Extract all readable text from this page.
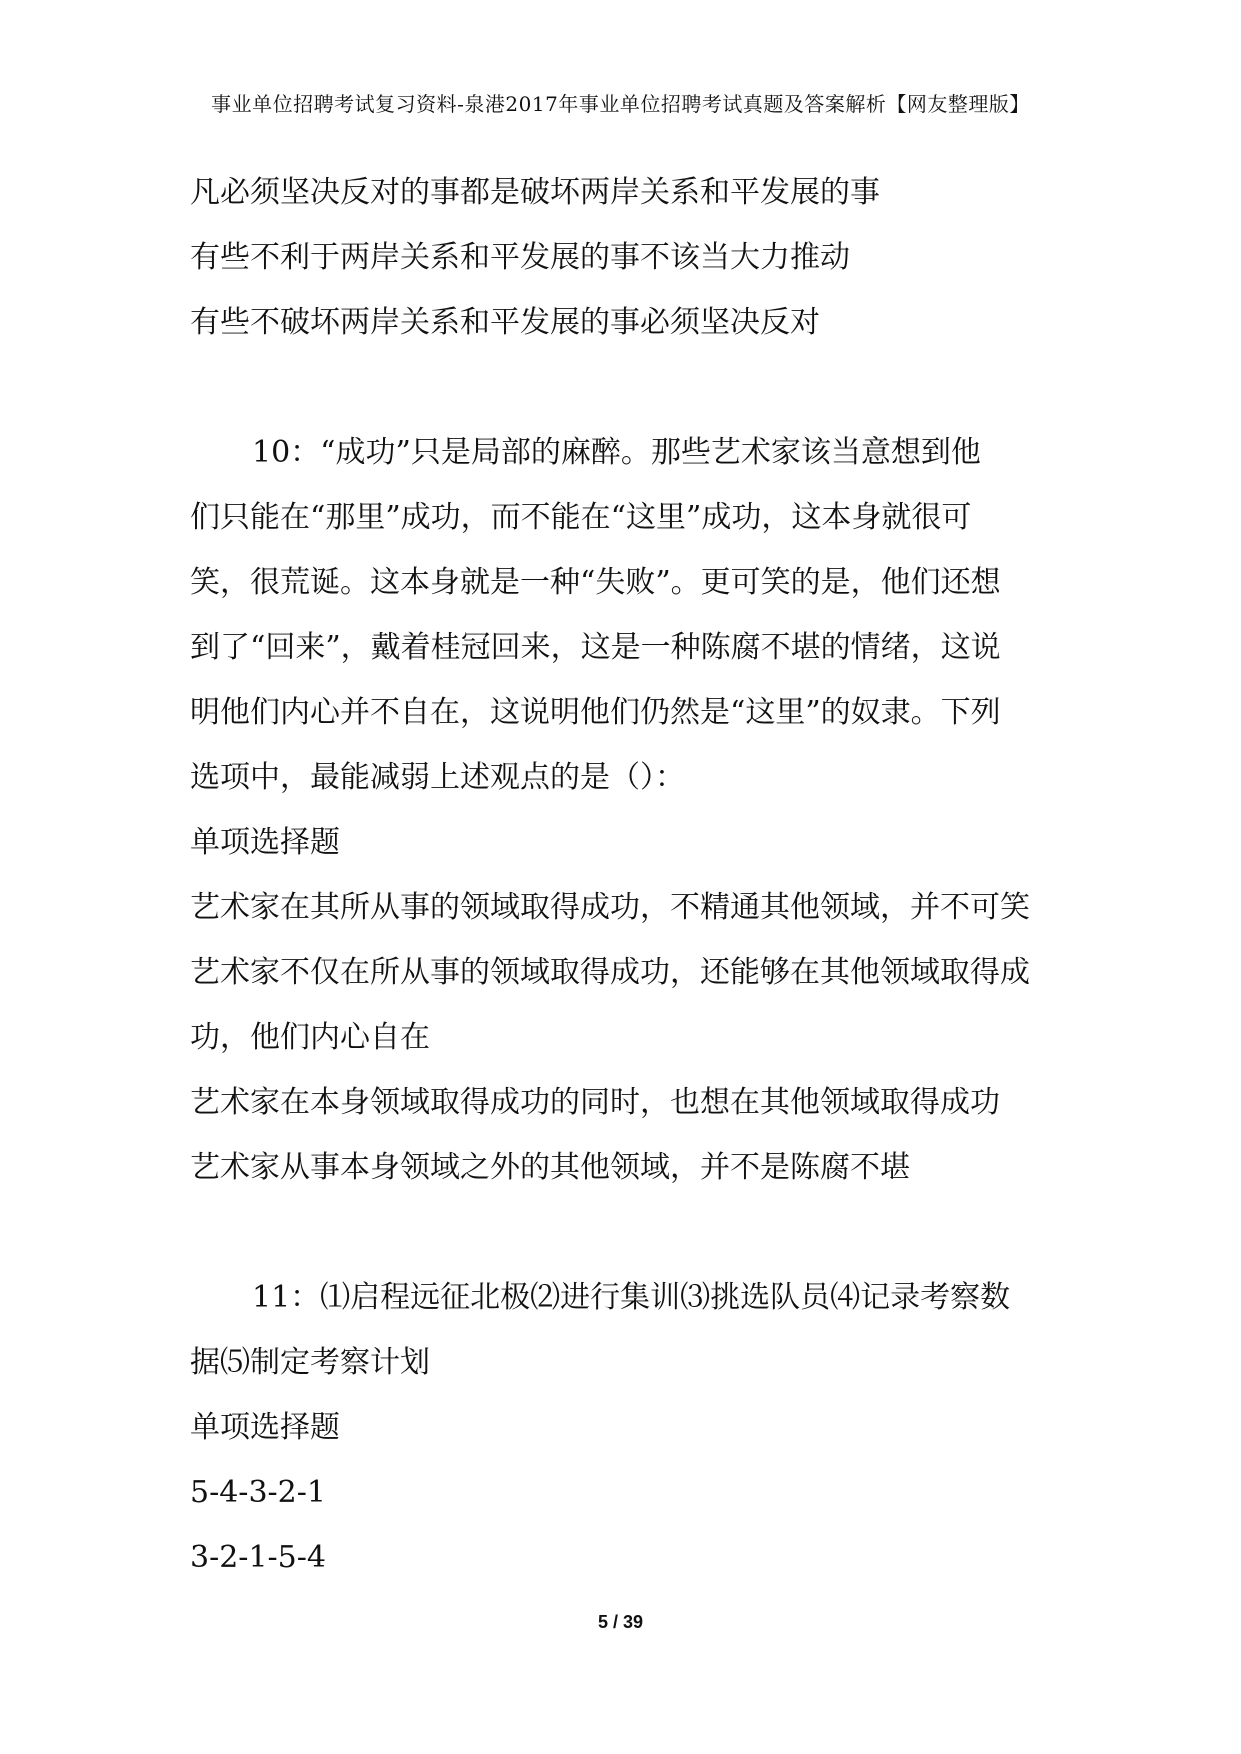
事业单位招聘考试复习资料-泉港2017年事业单位招聘考试真题及答案解析【网友整理版】
凡必须坚决反对的事都是破坏两岸关系和平发展的事
有些不利于两岸关系和平发展的事不该当大力推动
有些不破坏两岸关系和平发展的事必须坚决反对
10：“成功”只是局部的麻醉。那些艺术家该当意想到他
们只能在“那里”成功，而不能在“这里”成功，这本身就很可
笑，很荒诞。这本身就是一种“失败”。更可笑的是，他们还想
到了“回来”，戴着桂冠回来，这是一种陈腐不堪的情绪，这说
明他们内心并不自在，这说明他们仍然是“这里”的奴隶。下列
选项中，最能减弱上述观点的是（）：
单项选择题
艺术家在其所从事的领域取得成功，不精通其他领域，并不可笑
艺术家不仅在所从事的领域取得成功，还能够在其他领域取得成
功，他们内心自在
艺术家在本身领域取得成功的同时，也想在其他领域取得成功
艺术家从事本身领域之外的其他领域，并不是陈腐不堪
11：⑴启程远征北极⑵进行集训⑶挑选队员⑷记录考察数
据⑸制定考察计划
单项选择题
5-4-3-2-1
3-2-1-5-4
5 / 39
